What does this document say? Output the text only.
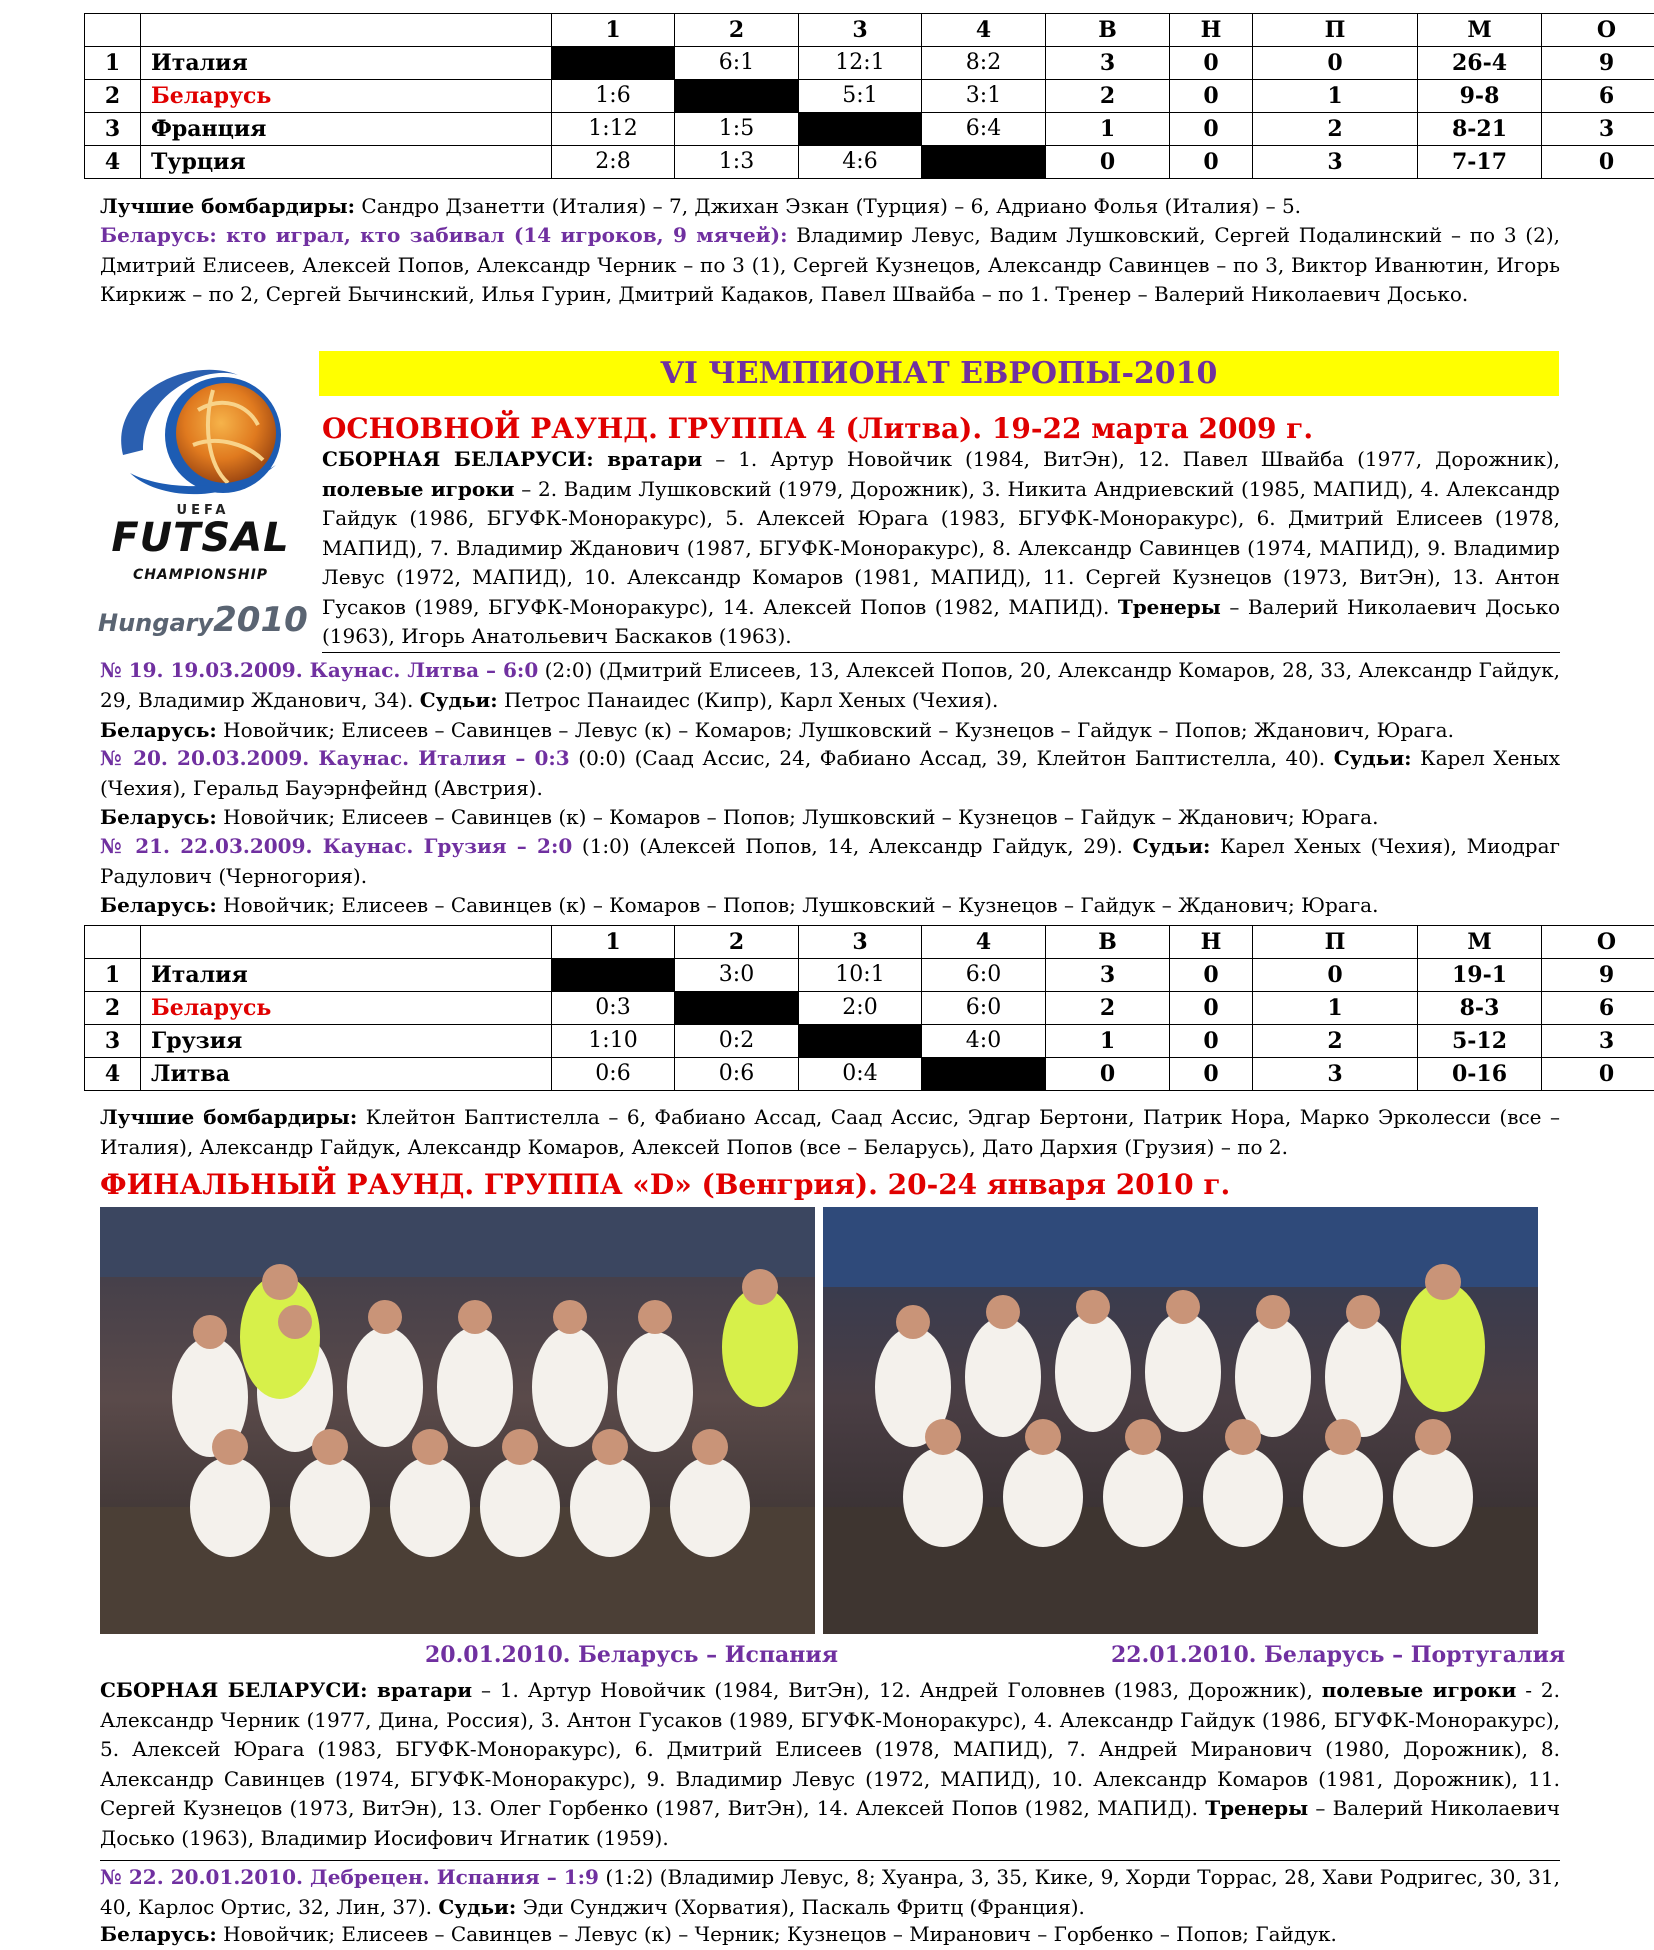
		1	2	3	4	В	Н	П	М	О
1	Италия		6:1	12:1	8:2	3	0	0	26-4	9
2	Беларусь	1:6		5:1	3:1	2	0	1	9-8	6
3	Франция	1:12	1:5		6:4	1	0	2	8-21	3
4	Турция	2:8	1:3	4:6		0	0	3	7-17	0
Лучшие бомбардиры: Сандро Дзанетти (Италия) – 7, Джихан Эзкан (Турция) – 6, Адриано Фолья (Италия) – 5.
Беларусь: кто играл, кто забивал (14 игроков, 9 мячей): Владимир Левус, Вадим Лушковский, Сергей Подалинский – по 3 (2), Дмитрий Елисеев, Алексей Попов, Александр Черник – по 3 (1), Сергей Кузнецов, Александр Савинцев – по 3, Виктор Иванютин, Игорь Киркиж – по 2, Сергей Бычинский, Илья Гурин, Дмитрий Кадаков, Павел Швайба – по 1. Тренер – Валерий Николаевич Досько.
UEFA
FUTSAL
CHAMPIONSHIP
Hungary2010
VI ЧЕМПИОНАТ ЕВРОПЫ-2010
ОСНОВНОЙ РАУНД. ГРУППА 4 (Литва). 19-22 марта 2009 г.
СБОРНАЯ БЕЛАРУСИ: вратари – 1. Артур Новойчик (1984, ВитЭн), 12. Павел Швайба (1977, Дорожник), полевые игроки – 2. Вадим Лушковский (1979, Дорожник), 3. Никита Андриевский (1985, МАПИД), 4. Александр Гайдук (1986, БГУФК-Моноракурс), 5. Алексей Юрага (1983, БГУФК-Моноракурс), 6. Дмитрий Елисеев (1978, МАПИД), 7. Владимир Жданович (1987, БГУФК-Моноракурс), 8. Александр Савинцев (1974, МАПИД), 9. Владимир Левус (1972, МАПИД), 10. Александр Комаров (1981, МАПИД), 11. Сергей Кузнецов (1973, ВитЭн), 13. Антон Гусаков (1989, БГУФК-Моноракурс), 14. Алексей Попов (1982, МАПИД). Тренеры – Валерий Николаевич Досько (1963), Игорь Анатольевич Баскаков (1963).
№ 19. 19.03.2009. Каунас. Литва – 6:0 (2:0) (Дмитрий Елисеев, 13, Алексей Попов, 20, Александр Комаров, 28, 33, Александр Гайдук, 29, Владимир Жданович, 34). Судьи: Петрос Панаидес (Кипр), Карл Хеных (Чехия).
Беларусь: Новойчик; Елисеев – Савинцев – Левус (к) – Комаров; Лушковский – Кузнецов – Гайдук – Попов; Жданович, Юрага.
№ 20. 20.03.2009. Каунас. Италия – 0:3 (0:0) (Саад Ассис, 24, Фабиано Ассад, 39, Клейтон Баптистелла, 40). Судьи: Карел Хеных (Чехия), Геральд Бауэрнфейнд (Австрия).
Беларусь: Новойчик; Елисеев – Савинцев (к) – Комаров – Попов; Лушковский – Кузнецов – Гайдук – Жданович; Юрага.
№ 21. 22.03.2009. Каунас. Грузия – 2:0 (1:0) (Алексей Попов, 14, Александр Гайдук, 29). Судьи: Карел Хеных (Чехия), Миодраг Радулович (Черногория).
Беларусь: Новойчик; Елисеев – Савинцев (к) – Комаров – Попов; Лушковский – Кузнецов – Гайдук – Жданович; Юрага.
		1	2	3	4	В	Н	П	М	О
1	Италия		3:0	10:1	6:0	3	0	0	19-1	9
2	Беларусь	0:3		2:0	6:0	2	0	1	8-3	6
3	Грузия	1:10	0:2		4:0	1	0	2	5-12	3
4	Литва	0:6	0:6	0:4		0	0	3	0-16	0
Лучшие бомбардиры: Клейтон Баптистелла – 6, Фабиано Ассад, Саад Ассис, Эдгар Бертони, Патрик Нора, Марко Эрколесси (все – Италия), Александр Гайдук, Александр Комаров, Алексей Попов (все – Беларусь), Дато Дархия (Грузия) – по 2.
ФИНАЛЬНЫЙ РАУНД. ГРУППА «D» (Венгрия). 20-24 января 2010 г.
20.01.2010. Беларусь – Испания	22.01.2010. Беларусь – Португалия
СБОРНАЯ БЕЛАРУСИ: вратари – 1. Артур Новойчик (1984, ВитЭн), 12. Андрей Головнев (1983, Дорожник), полевые игроки - 2. Александр Черник (1977, Дина, Россия), 3. Антон Гусаков (1989, БГУФК-Моноракурс), 4. Александр Гайдук (1986, БГУФК-Моноракурс), 5. Алексей Юрага (1983, БГУФК-Моноракурс), 6. Дмитрий Елисеев (1978, МАПИД), 7. Андрей Миранович (1980, Дорожник), 8. Александр Савинцев (1974, БГУФК-Моноракурс), 9. Владимир Левус (1972, МАПИД), 10. Александр Комаров (1981, Дорожник), 11. Сергей Кузнецов (1973, ВитЭн), 13. Олег Горбенко (1987, ВитЭн), 14. Алексей Попов (1982, МАПИД). Тренеры – Валерий Николаевич Досько (1963), Владимир Иосифович Игнатик (1959).
№ 22. 20.01.2010. Дебрецен. Испания – 1:9 (1:2) (Владимир Левус, 8; Хуанра, 3, 35, Кике, 9, Хорди Торрас, 28, Хави Родригес, 30, 31, 40, Карлос Ортис, 32, Лин, 37). Судьи: Эди Сунджич (Хорватия), Паскаль Фритц (Франция).
Беларусь: Новойчик; Елисеев – Савинцев – Левус (к) – Черник; Кузнецов – Миранович – Горбенко – Попов; Гайдук.
